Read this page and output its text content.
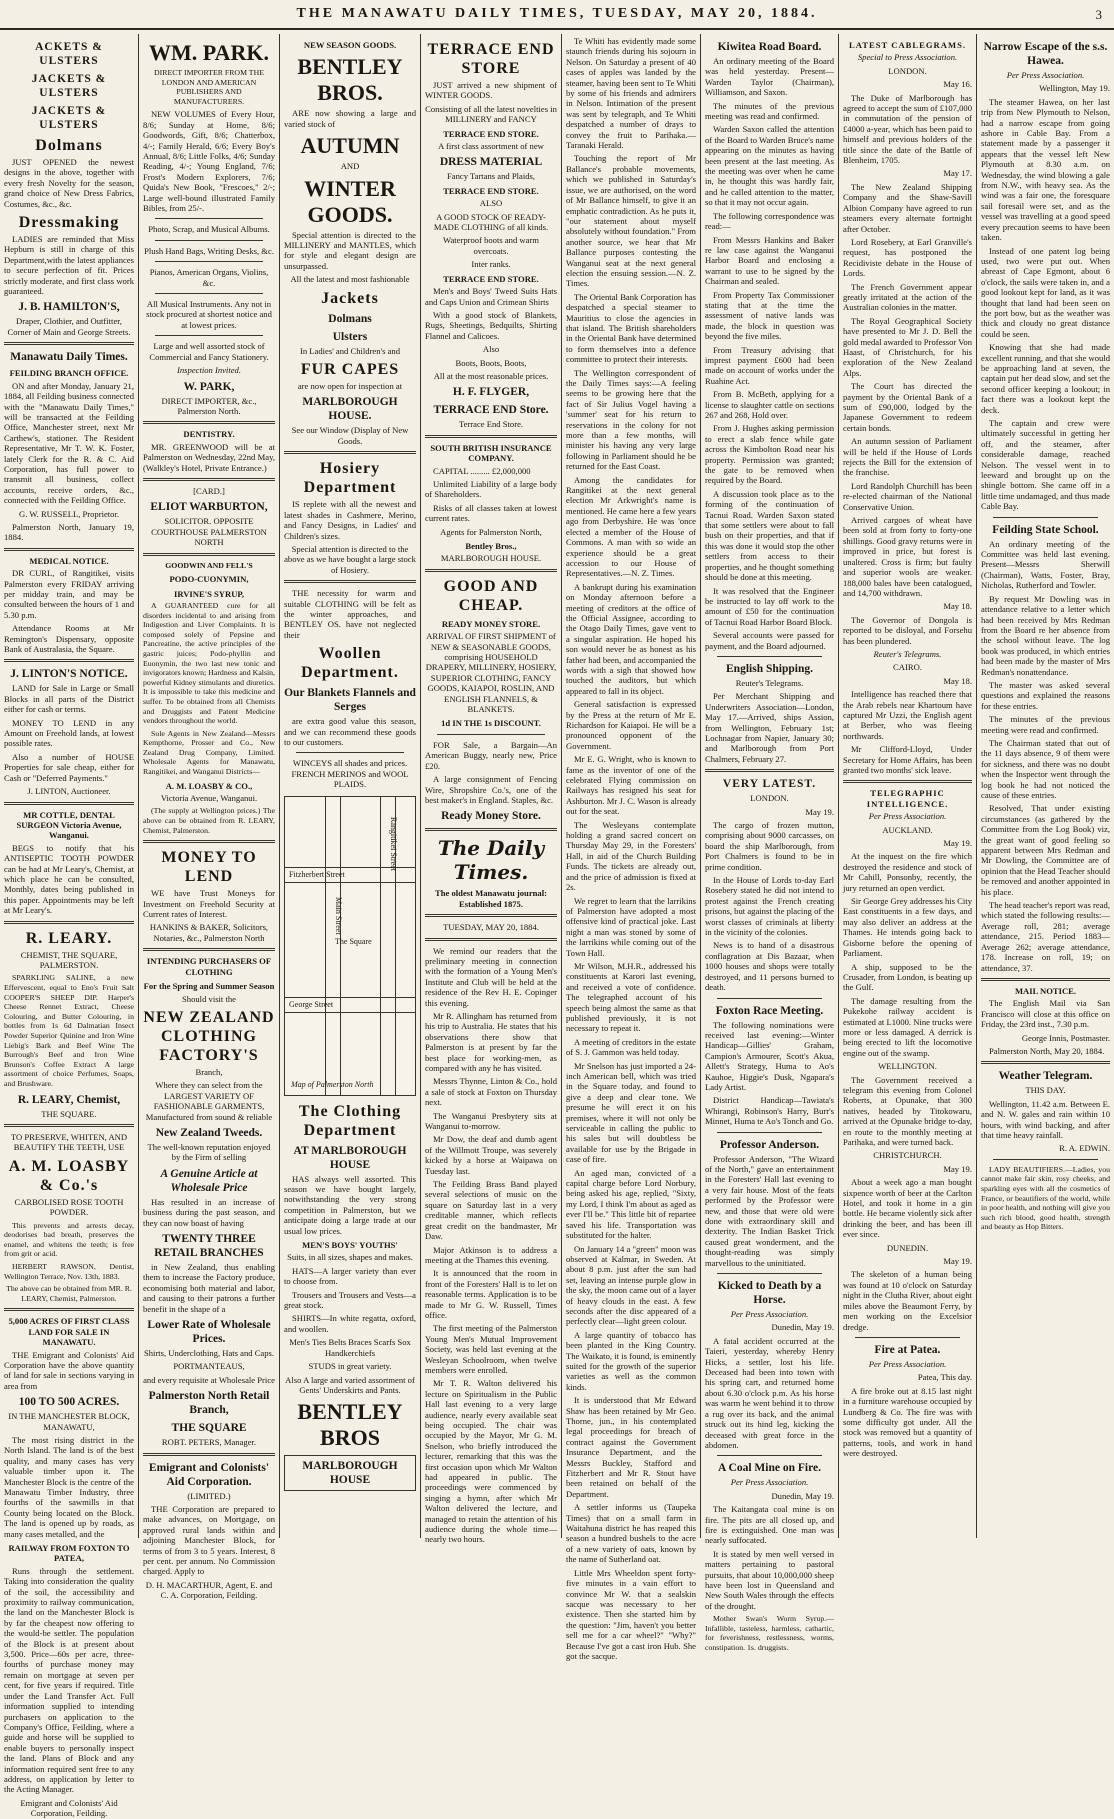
THE MANAWATU DAILY TIMES, TUESDAY, MAY 20, 1884.	3
ACKETS & ULSTERS
JACKETS & ULSTERS
JACKETS & ULSTERS
Dolmans

JUST OPENED the newest designs in the above, together with every fresh Novelty for the season, grand choice of New Dress Fabrics, Costumes, &c., &c.

Dressmaking

LADIES are reminded that Miss Hepburn is still in charge of this Department,with the latest appliances to secure perfection of fit. Prices strictly moderate, and first class work guaranteed.

J. B. HAMILTON'S,

Draper, Clothier, and Outfitter, Corner of Main and George Streets.

Manawatu Daily Times.
FEILDING BRANCH OFFICE.

ON and after Monday, January 21, 1884, all Feilding business connected with the "Manawatu Daily Times," will be transacted at the Feilding Office, Manchester street, next Mr Carthew's, stationer. The Resident Representative, Mr T. W. K. Foster, lately Clerk for the R. & C. Aid Corporation, has full power to transmit all business, collect accounts, receive orders, &c., connected with the Feilding Office.

G. W. RUSSELL, Proprietor.

Palmerston North, January 19, 1884.

MEDICAL NOTICE.

DR CURL, of Rangitikei, visits Palmerston every FRIDAY arriving per midday train, and may be consulted between the hours of 1 and 5.30 p.m.

Attendance Rooms at Mr Remington's Dispensary, opposite Bank of Australasia, the Square.

J. LINTON'S NOTICE.

LAND for Sale in Large or Small Blocks in all parts of the District either for cash or terms.

MONEY TO LEND in any Amount on Freehold lands, at lowest possible rates.

Also a number of HOUSE Properties for sale cheap, either for Cash or "Deferred Payments."

J. LINTON, Auctioneer.

MR COTTLE, DENTAL SURGEON Victoria Avenue, Wanganui.

BEGS to notify that his ANTISEPTIC TOOTH POWDER can be had at Mr Leary's, Chemist, at which place he can be consulted, Monthly, dates being published in this paper. Appointments may be left at Mr Leary's.

R. LEARY.

CHEMIST, THE SQUARE, PALMERSTON.

SPARKLING SALINE, a new Effervescent, equal to Eno's Fruit Salt COOPER'S SHEEP DIP. Harper's Cheese Rennet Extract, Cheese Colouring, and Butter Colouring, in bottles from 1s 6d Dalmatian Insect Powder Superior Quinine and Iron Wine Liebig's Bark and Beef Wine The Burrough's Beef and Iron Wine Brunson's Coffee Extract A large assortment of choice Perfumes, Soaps, and Brushware.

R. LEARY, Chemist,

THE SQUARE.

TO PRESERVE, WHITEN, AND BEAUTIFY THE TEETH, USE

A. M. LOASBY & Co.'s

CARBOLISED ROSE TOOTH POWDER.

This prevents and arrests decay, deodorises bad breath, preserves the enamel, and whitens the teeth; is free from grit or acid.

HERBERT RAWSON, Dentist, Wellington Terrace, Nov. 13th, 1883.

The above can be obtained from MR. R. LEARY, Chemist, Palmerston.

5,000 ACRES OF FIRST CLASS LAND FOR SALE IN MANAWATU.

THE Emigrant and Colonists' Aid Corporation have the above quantity of land for sale in sections varying in area from

100 TO 500 ACRES.

IN THE MANCHESTER BLOCK, MANAWATU,

The most rising district in the North Island. The land is of the best quality, and many cases has very valuable timber upon it. The Manchester Block is the centre of the Manawatu Timber Industry, three fourths of the sawmills in that County being located on the Block. The land is opened up by roads, as many cases metalled, and the

RAILWAY FROM FOXTON TO PATEA,

Runs through the settlement. Taking into consideration the quality of the soil, the accessibility and proximity to railway communication, the land on the Manchester Block is by far the cheapest now offering to the would-be settler. The population of the Block is at present about 3,500. Price—60s per acre, three-fourths of purchase money may remain on mortgage at seven per cent, for five years if required. Title under the Land Transfer Act. Full information supplied to intending purchasers on application to the Company's Office, Feilding, where a guide and horse will be supplied to enable buyers to personally inspect the land. Plans of Block and any information required sent free to any address, on application by letter to the Acting Manager.

Emigrant and Colonists' Aid Corporation, Feilding.

WM. PARK.

DIRECT IMPORTER FROM THE LONDON AND AMERICAN PUBLISHERS AND MANUFACTURERS.

NEW VOLUMES of Every Hour, 8/6; Sunday at Home, 8/6; Goodwords, Gift, 8/6; Chatterbox, 4/-; Family Herald, 6/6; Every Boy's Annual, 8/6; Little Folks, 4/6; Sunday Reading, 4/-; Young England, 7/6; Frost's Modern Explorers, 7/6; Quida's New Book, "Frescoes," 2/-; Large well-bound illustrated Family Bibles, from 25/-.

Photo, Scrap, and Musical Albums.

Plush Hand Bags, Writing Desks, &c.

Pianos, American Organs, Violins, &c.

All Musical Instruments. Any not in stock procured at shortest notice and at lowest prices.

Large and well assorted stock of Commercial and Fancy Stationery.

Inspection Invited.

W. PARK,

DIRECT IMPORTER, &c., Palmerston North.

DENTISTRY.

MR. GREENWOOD will be at Palmerston on Wednesday, 22nd May, (Walkley's Hotel, Private Entrance.)

[CARD.]

ELIOT WARBURTON,

SOLICITOR. OPPOSITE COURTHOUSE PALMERSTON NORTH

GOODWIN AND FELL'S
PODO-CUONYMIN,
IRVINE'S SYRUP,

A GUARANTEED cure for all disorders incidental to and arising from Indigestion and Liver Complaints. It is composed solely of Pepsine and Pancreatine, the active principles of the gastric juices; Podo-phyllin and Euonymin, the two last new tonic and invigorators known; Hardness and Kalsin, powerful Kidney stimulants and diuretics. It is impossible to take this medicine and suffer. To be obtained from all Chemists and Druggists and Patent Medicine vendors throughout the world.

Sole Agents in New Zealand—Messrs Kempthorne, Prosser and Co., New Zealand Drug Company, Limited. Wholesale Agents for Manawatu, Rangitikei, and Wanganui Districts—

A. M. LOASBY & CO.,

Victoria Avenue, Wanganui.

(The supply at Wellington prices.) The above can be obtained from R. LEARY, Chemist, Palmerston.

MONEY TO LEND

WE have Trust Moneys for Investment on Freehold Security at Current rates of Interest.

HANKINS & BAKER, Solicitors, Notaries, &c., Palmerston North

INTENDING PURCHASERS OF CLOTHING
For the Spring and Summer Season

Should visit the

NEW ZEALAND CLOTHING FACTORY'S

Branch,

Where they can select from the LARGEST VARIETY OF FASHIONABLE GARMENTS, Manufactured from sound & reliable

New Zealand Tweeds.

The well-known reputation enjoyed by the Firm of selling

A Genuine Article at Wholesale Price

Has resulted in an increase of business during the past season, and they can now boast of having

TWENTY THREE RETAIL BRANCHES

in New Zealand, thus enabling them to increase the Factory produce, economising both material and labor, and causing to their patrons a further benefit in the shape of a

Lower Rate of Wholesale Prices.

Shirts, Underclothing, Hats and Caps.

PORTMANTEAUS,

and every requisite at Wholesale Price

Palmerston North Retail Branch,
THE SQUARE

ROBT. PETERS, Manager.

Emigrant and Colonists' Aid Corporation.

(LIMITED.)

THE Corporation are prepared to make advances, on Mortgage, on approved rural lands within and adjoining Manchester Block, for terms of from 3 to 5 years. Interest, 8 per cent. per annum. No Commission charged. Apply to

D. H. MACARTHUR, Agent, E. and C. A. Corporation, Feilding.

NEW SEASON GOODS.
BENTLEY BROS.

ARE now showing a large and varied stock of

AUTUMN

AND

WINTER GOODS.

Special attention is directed to the MILLINERY and MANTLES, which for style and elegant design are unsurpassed.

All the latest and most fashionable

Jackets
Dolmans
Ulsters

In Ladies' and Children's and

FUR CAPES

are now open for inspection at

MARLBOROUGH HOUSE.

See our Window (Display of New Goods.

Hosiery Department

IS replete with all the newest and latest shades in Cashmere, Merino, and Fancy Designs, in Ladies' and Children's sizes.

Special attention is directed to the above as we have bought a large stock of Hosiery.

THE necessity for warm and suitable CLOTHING will be felt as the winter approaches, and BENTLEY OS. have not neglected their

Woollen Department.
Our Blankets Flannels and Serges

are extra good value this season, and we can recommend these goods to our customers.

WINCEYS all shades and prices. FRENCH MERINOS and WOOL PLAIDS.

Main Street
Fitzherbert Street
The Square
George Street
Rangitikei Street
Map of Palmerston North
The Clothing Department
AT MARLBOROUGH HOUSE

HAS always well assorted. This season we have bought largely, notwithstanding the very strong competition in Palmerston, but we anticipate doing a large trade at our usual low prices.

MEN'S BOYS' YOUTHS'

Suits, in all sizes, shapes and makes.

HATS—A larger variety than ever to choose from.

Trousers and Trousers and Vests—a great stock.

SHIRTS—In white regatta, oxford, and woollen.

Men's Ties Belts Braces Scarfs Sox Handkerchiefs

STUDS in great variety.

Also A large and varied assortment of Gents' Underskirts and Pants.

BENTLEY BROS
MARLBOROUGH HOUSE
TERRACE END STORE

JUST arrived a new shipment of WINTER GOODS.

Consisting of all the latest novelties in MILLINERY and FANCY

TERRACE END STORE.

A first class assortment of new

DRESS MATERIAL

Fancy Tartans and Plaids,

TERRACE END STORE.

ALSO

A GOOD STOCK OF READY-MADE CLOTHING of all kinds.

Waterproof boots and warm overcoats.

Inter ranks.

TERRACE END STORE.

Men's and Boys' Tweed Suits Hats and Caps Union and Crimean Shirts

With a good stock of Blankets, Rugs, Sheetings, Bedquilts, Shirting Flannel and Calicoes.

Also

Boots, Boots, Boots,

All at the most reasonable prices.

H. F. FLYGER,
TERRACE END Store.

Terrace End Store.

SOUTH BRITISH INSURANCE COMPANY.

CAPITAL ......... £2,000,000

Unlimited Liability of a large body of Shareholders.

Risks of all classes taken at lowest current rates.

Agents for Palmerston North,

Bentley Bros.,

MARLBOROUGH HOUSE.

GOOD AND CHEAP.
READY MONEY STORE.

ARRIVAL OF FIRST SHIPMENT of NEW & SEASONABLE GOODS, comprising HOUSEHOLD DRAPERY, MILLINERY, HOSIERY, SUPERIOR CLOTHING, FANCY GOODS, KAIAPOI, ROSLIN, AND ENGLISH FLANNELS, & BLANKETS.

1d IN THE 1s DISCOUNT.

FOR Sale, a Bargain—An American Buggy, nearly new, Price £20.

A large consignment of Fencing Wire, Shropshire Co.'s, one of the best maker's in England. Staples, &c.

Ready Money Store.
The Daily Times.
The oldest Manawatu journal: Established 1875.

TUESDAY, MAY 20, 1884.

We remind our readers that the preliminary meeting in connection with the formation of a Young Men's Institute and Club will be held at the residence of the Rev H. E. Copinger this evening.

Mr R. Allingham has returned from his trip to Australia. He states that his observations there show that Palmerston is at present by far the best place for working-men, as compared with any he has visited.

Messrs Thynne, Linton & Co., hold a sale of stock at Foxton on Thursday next.

The Wanganui Presbytery sits at Wanganui to-morrow.

Mr Dow, the deaf and dumb agent of the Willmott Troupe, was severely kicked by a horse at Waipawa on Tuesday last.

The Feilding Brass Band played several selections of music on the square on Saturday last in a very creditable manner, which reflects great credit on the bandmaster, Mr Daw.

Major Atkinson is to address a meeting at the Thames this evening.

It is announced that the room in front of the Foresters' Hall is to let on reasonable terms. Application is to be made to Mr G. W. Russell, Times office.

The first meeting of the Palmerston Young Men's Mutual Improvement Society, was held last evening at the Wesleyan Schoolroom, when twelve members were enrolled.

Mr T. R. Walton delivered his lecture on Spiritualism in the Public Hall last evening to a very large audience, nearly every available seat being occupied. The chair was occupied by the Mayor, Mr G. M. Snelson, who briefly introduced the lecturer, remarking that this was the first occasion upon which Mr Walton had appeared in public. The proceedings were commenced by singing a hymn, after which Mr Walton delivered the lecture, and managed to retain the attention of his audience during the whole time—nearly two hours.

Te Whiti has evidently made some staunch friends during his sojourn in Nelson. On Saturday a present of 40 cases of apples was landed by the steamer, having been sent to Te Whiti by some of his friends and admirers in Nelson. Intimation of the present was sent by telegraph, and Te Whiti despatched a number of drays to convey the fruit to Parihaka.—Taranaki Herald.

Touching the report of Mr Ballance's probable movements, which we published in Saturday's issue, we are authorised, on the word of Mr Ballance himself, to give it an emphatic contradiction. As he puts it, "our statement about myself absolutely without foundation." From another source, we hear that Mr Ballance purposes contesting the Wanganui seat at the next general election the ensuing session.—N. Z. Times.

The Oriental Bank Corporation has despatched a special steamer to Mauritius to close the agencies in that island. The British shareholders in the Oriental Bank have determined to form themselves into a defence committee to protect their interests.

The Wellington correspondent of the Daily Times says:—A feeling seems to be growing here that the fact of Sir Julius Vogel having a 'summer' seat for his return to reservations in the colony for not more than a few months, will minister his having any very large following in Parliament should he be returned for the East Coast.

Among the candidates for Rangitikei at the next general election Mr Arkwright's name is mentioned. He came here a few years ago from Derbyshire. He was 'once elected a member of the House of Commons. A man with so wide an experience should be a great accession to our House of Representatives.—N. Z. Times.

A bankrupt during his examination on Monday afternoon before a meeting of creditors at the office of the Official Assignee, according to the Otago Daily Times, gave vent to a singular aspiration. He hoped his son would never be as honest as his father had been, and accompanied the words with a sigh that showed how touched the auditors, but which appeared to fall in its object.

General satisfaction is expressed by the Press at the return of Mr E. Richardson for Kaiapoi. He will be a pronounced opponent of the Government.

Mr E. G. Wright, who is known to fame as the inventor of one of the celebrated Flying commission on Railways has resigned his seat for Ashburton. Mr J. C. Wason is already out for the seat.

The Wesleyans contemplate holding a grand sacred concert on Thursday May 29, in the Foresters' Hall, in aid of the Church Building Funds. The tickets are already out, and the price of admission is fixed at 2s.

We regret to learn that the larrikins of Palmerston have adopted a most offensive kind of practical joke. Last night a man was stoned by some of the larrikins while coming out of the Town Hall.

Mr Wilson, M.H.R., addressed his constituents at Karori last evening, and received a vote of confidence. The telegraphed account of his speech being almost the same as that published previously, it is not necessary to repeat it.

A meeting of creditors in the estate of S. J. Gammon was held today.

Mr Snelson has just imported a 24-inch American bell, which was tried in the Square today, and found to give a deep and clear tone. We presume he will erect it on his premises, where it will not only be serviceable in calling the public to his sales but will doubtless be available for use by the Brigade in case of fire.

An aged man, convicted of a capital charge before Lord Norbury, being asked his age, replied, "Sixty, my Lord, I think I'm about as aged as ever I'll be." This little bit of repartee saved his life. Transportation was substituted for the halter.

On January 14 a "green" moon was observed at Kalmar, in Sweden. At about 8 p.m. just after the sun had set, leaving an intense purple glow in the sky, the moon came out of a layer of heavy clouds in the east. A few seconds after the disc appeared of a perfectly clear—light green colour.

A large quantity of tobacco has been planted in the King Country. The Waikato, it is found, is eminently suited for the growth of the superior varieties as well as the common kinds.

It is understood that Mr Edward Shaw has been retained by Mr Geo. Thorne, jun., in his contemplated legal proceedings for breach of contract against the Government Insurance Department, and the Messrs Buckley, Stafford and Fitzherbert and Mr R. Stout have been retained on behalf of the Department.

A settler informs us (Taupeka Times) that on a small farm in Waitahuna district he has reaped this season a hundred bushels to the acre of a new variety of oats, known by the name of Sutherland oat.

Little Mrs Wheeldon spent forty-five minutes in a vain effort to convince Mr W. that a sealskin sacque was necessary to her existence. Then she started him by the question: "Jim, haven't you better sell me for a car wheel?" "Why?" Because I've got a cast iron Hub. She got the sacque.

Kiwitea Road Board.

An ordinary meeting of the Board was held yesterday. Present—Warden Taylor (Chairman), Williamson, and Saxon.

The minutes of the previous meeting was read and confirmed.

Warden Saxon called the attention of the Board to Warden Bruce's name appearing on the minutes as having been present at the last meeting. As the meeting was over when he came in, he thought this was hardly fair, and he called attention to the matter, so that it may not occur again.

The following correspondence was read:—

From Messrs Hankins and Baker re law case against the Wanganui Harbor Board and enclosing a warrant to use to be signed by the Chairman and sealed.

From Property Tax Commissioner stating that at the time the assessment of native lands was made, the block in question was beyond the five miles.

From Treasury advising that imprest payment £600 had been made on account of works under the Ruahine Act.

From B. McBeth, applying for a license to slaughter cattle on sections 267 and 268, Hold over.

From J. Hughes asking permission to erect a slab fence while gate across the Kimbolton Road near his property. Permission was granted; the gate to be removed when required by the Board.

A discussion took place as to the forming of the continuation of Tacnui Road. Warden Saxon stated that some settlers were about to fall bush on their properties, and that if this was done it would stop the other settlers from access to their properties, and he thought something should be done at this meeting.

It was resolved that the Engineer be instructed to lay off work to the amount of £50 for the continuation of Tacnui Road Harbor Board Block.

Several accounts were passed for payment, and the Board adjourned.

English Shipping.

Reuter's Telegrams.

Per Merchant Shipping and Underwriters Association—London, May 17.—Arrived, ships Assion, from Wellington, February 1st; Lochnagar from Napier, January 30; and Marlborough from Port Chalmers, February 27.

VERY LATEST.

LONDON.

May 19.

The cargo of frozen mutton, comprising about 9000 carcasses, on board the ship Marlborough, from Port Chalmers is found to be in prime condition.

In the House of Lords to-day Earl Rosebery stated he did not intend to protest against the French creating prisons, but against the placing of the worst classes of criminals at liberty in the vicinity of the colonies.

News is to hand of a disastrous conflagration at Dis Bazaar, when 1000 houses and shops were totally destroyed, and 11 persons burned to death.

Foxton Race Meeting.

The following nominations were received last evening:—Winter Handicap—Gillies' Graham, Campion's Armourer, Scott's Akua, Allett's Strategy, Huma to Ao's Kauhoe, Higgie's Dusk, Ngapara's Lady Artist.

District Handicap—Tawiata's Whirangi, Robinson's Harry, Burr's Minnet, Huma te Ao's Tonch and Go.

Professor Anderson.

Professor Anderson, "The Wizard of the North," gave an entertainment in the Foresters' Hall last evening to a very fair house. Most of the feats performed by the Professor were new, and those that were old were done with extraordinary skill and dexterity. The Indian Basket Trick caused great wonderment, and the thought-reading was simply marvellous to the uninitiated.

Kicked to Death by a Horse.

Per Press Association.

Dunedin, May 19.

A fatal accident occurred at the Taieri, yesterday, whereby Henry Hicks, a settler, lost his life. Deceased had been into town with his spring cart, and returned home about 6.30 o'clock p.m. As his horse was warm he went behind it to throw a rug over its back, and the animal struck out its hind leg, kicking the deceased with great force in the abdomen.

A Coal Mine on Fire.

Per Press Association.

Dunedin, May 19.

The Kaitangata coal mine is on fire. The pits are all closed up, and fire is extinguished. One man was nearly suffocated.

It is stated by men well versed in matters pertaining to pastoral pursuits, that about 10,000,000 sheep have been lost in Queensland and New South Wales through the effects of the drought.

Mother Swan's Worm Syrup.—Infallible, tasteless, harmless, cathartic, for feverishness, restlessness, worms, constipation. 1s. druggists.

LATEST CABLEGRAMS.

Special to Press Association.

LONDON.

May 16.

The Duke of Marlborough has agreed to accept the sum of £107,000 in commutation of the pension of £4000 a-year, which has been paid to himself and previous holders of the title since the date of the Battle of Blenheim, 1705.

May 17.

The New Zealand Shipping Company and the Shaw-Savill Albion Company have agreed to run steamers every alternate fortnight after October.

Lord Rosebery, at Earl Granville's request, has postponed the Recidiviste debate in the House of Lords.

The French Government appear greatly irritated at the action of the Australian colonies in the matter.

The Royal Geographical Society have presented to Mr J. D. Bell the gold medal awarded to Professor Von Haast, of Christchurch, for his exploration of the New Zealand Alps.

The Court has directed the payment by the Oriental Bank of a sum of £90,000, lodged by the Japanese Government to redeem certain bonds.

An autumn session of Parliament will be held if the House of Lords rejects the Bill for the extension of the franchise.

Lord Randolph Churchill has been re-elected chairman of the National Conservative Union.

Arrived cargoes of wheat have been sold at from forty to forty-one shillings. Good gravy returns were in improved in price, but forest is unaltered. Cross is firm; but faulty and superior wools are weaker. 188,000 bales have been catalogued, and 14,700 withdrawn.

May 18.

The Governor of Dongola is reported to be disloyal, and Forsehu has been plundered.

Reuter's Telegrams.

CAIRO.

May 18.

Intelligence has reached there that the Arab rebels near Khartoum have captured Mr Uzzi, the English agent at Berber, who was fleeing northwards.

Mr Clifford-Lloyd, Under Secretary for Home Affairs, has been granted two months' sick leave.

TELEGRAPHIC INTELLIGENCE.

Per Press Association.

AUCKLAND.

May 19.

At the inquest on the fire which destroyed the residence and stock of Mr Cahill, Ponsonby, recently, the jury returned an open verdict.

Sir George Grey addresses his City East constituents in a few days, and may also deliver an address at the Thames. He intends going back to Gisborne before the opening of Parliament.

A ship, supposed to be the Crusader, from London, is beating up the Gulf.

The damage resulting from the Pukekohe railway accident is estimated at L1000. Nine trucks were more or less damaged. A derrick is being erected to lift the locomotive engine out of the swamp.

WELLINGTON.

The Government received a telegram this evening from Colonel Roberts, at Opunake, that 300 natives, headed by Titokowaru, arrived at the Opunake bridge to-day, en route to the monthly meeting at Parihaka, and were turned back.

CHRISTCHURCH.

May 19.

About a week ago a man bought sixpence worth of beer at the Carlton Hotel, and took it home in a gin bottle. He became violently sick after drinking the beer, and has been ill ever since.

DUNEDIN.

May 19.

The skeleton of a human being was found at 10 o'clock on Saturday night in the Clutha River, about eight miles above the Beaumont Ferry, by men working on the Excelsior dredge.

Fire at Patea.

Per Press Association.

Patea, This day.

A fire broke out at 8.15 last night in a furniture warehouse occupied by Lundberg & Co. The fire was with some difficulty got under. All the stock was removed but a quantity of patterns, tools, and work in hand were destroyed.

Narrow Escape of the s.s. Hawea.

Per Press Association.

Wellington, May 19.

The steamer Hawea, on her last trip from New Plymouth to Nelson, had a narrow escape from going ashore in Cable Bay. From a statement made by a passenger it appears that the vessel left New Plymouth at 8.30 a.m. on Wednesday, the wind blowing a gale from N.W., with heavy sea. As the wind was a fair one, the foresquare sail foresail were set, and as the vessel was travelling at a good speed every precaution seems to have been taken.

Instead of one patent log being used, two were put out. When abreast of Cape Egmont, about 6 o'clock, the sails were taken in, and a good lookout kept for land, as it was thought that land had been seen on the port bow, but as the weather was thick and cloudy no great distance could be seen.

Knowing that she had made excellent running, and that she would be approaching land at seven, the captain put her dead slow, and set the second officer keeping a lookout; in fact there was a lookout kept the deck.

The captain and crew were ultimately successful in getting her off, and the steamer, after considerable damage, reached Nelson. The vessel went in to leeward and brought up on the shingle bottom. She came off in a little time undamaged, and thus made Cable Bay.

Feilding State School.

An ordinary meeting of the Committee was held last evening. Present—Messrs Sherwill (Chairman), Watts, Foster, Bray, Nicholas, Rutherford and Towler.

By request Mr Dowling was in attendance relative to a letter which had been received by Mrs Redman from the Board re her absence from the school without leave. The log book was produced, in which entries had been made by the master of Mrs Redman's nonattendance.

The master was asked several questions and explained the reasons for these entries.

The minutes of the previous meeting were read and confirmed.

The Chairman stated that out of the 11 days absence, 9 of them were for sickness, and there was no doubt when the Inspector went through the log book he had not noticed the cause of these entries.

Resolved, That under existing circumstances (as gathered by the Committee from the Log Book) viz, the great want of good feeling so apparent between Mrs Redman and Mr Dowling, the Committee are of opinion that the Head Teacher should be removed and another appointed in his place.

The head teacher's report was read, which stated the following results:—Average roll, 281; average attendance, 215. Period 1883—Average 262; average attendance, 178. Increase on roll, 19; on attendance, 37.

MAIL NOTICE.

The English Mail via San Francisco will close at this office on Friday, the 23rd inst., 7.30 p.m.

George Innis, Postmaster.

Palmerston North, May 20, 1884.

Weather Telegram.

THIS DAY.

Wellington, 11.42 a.m. Between E. and N. W. gales and rain within 10 hours, with wind backing, and after that time heavy rainfall.

R. A. EDWIN.

LADY BEAUTIFIERS.—Ladies, you cannot make fair skin, rosy cheeks, and sparkling eyes with all the cosmetics of France, or beautifiers of the world, while in poor health, and nothing will give you such rich blood, good health, strength and beauty as Hop Bitters.
